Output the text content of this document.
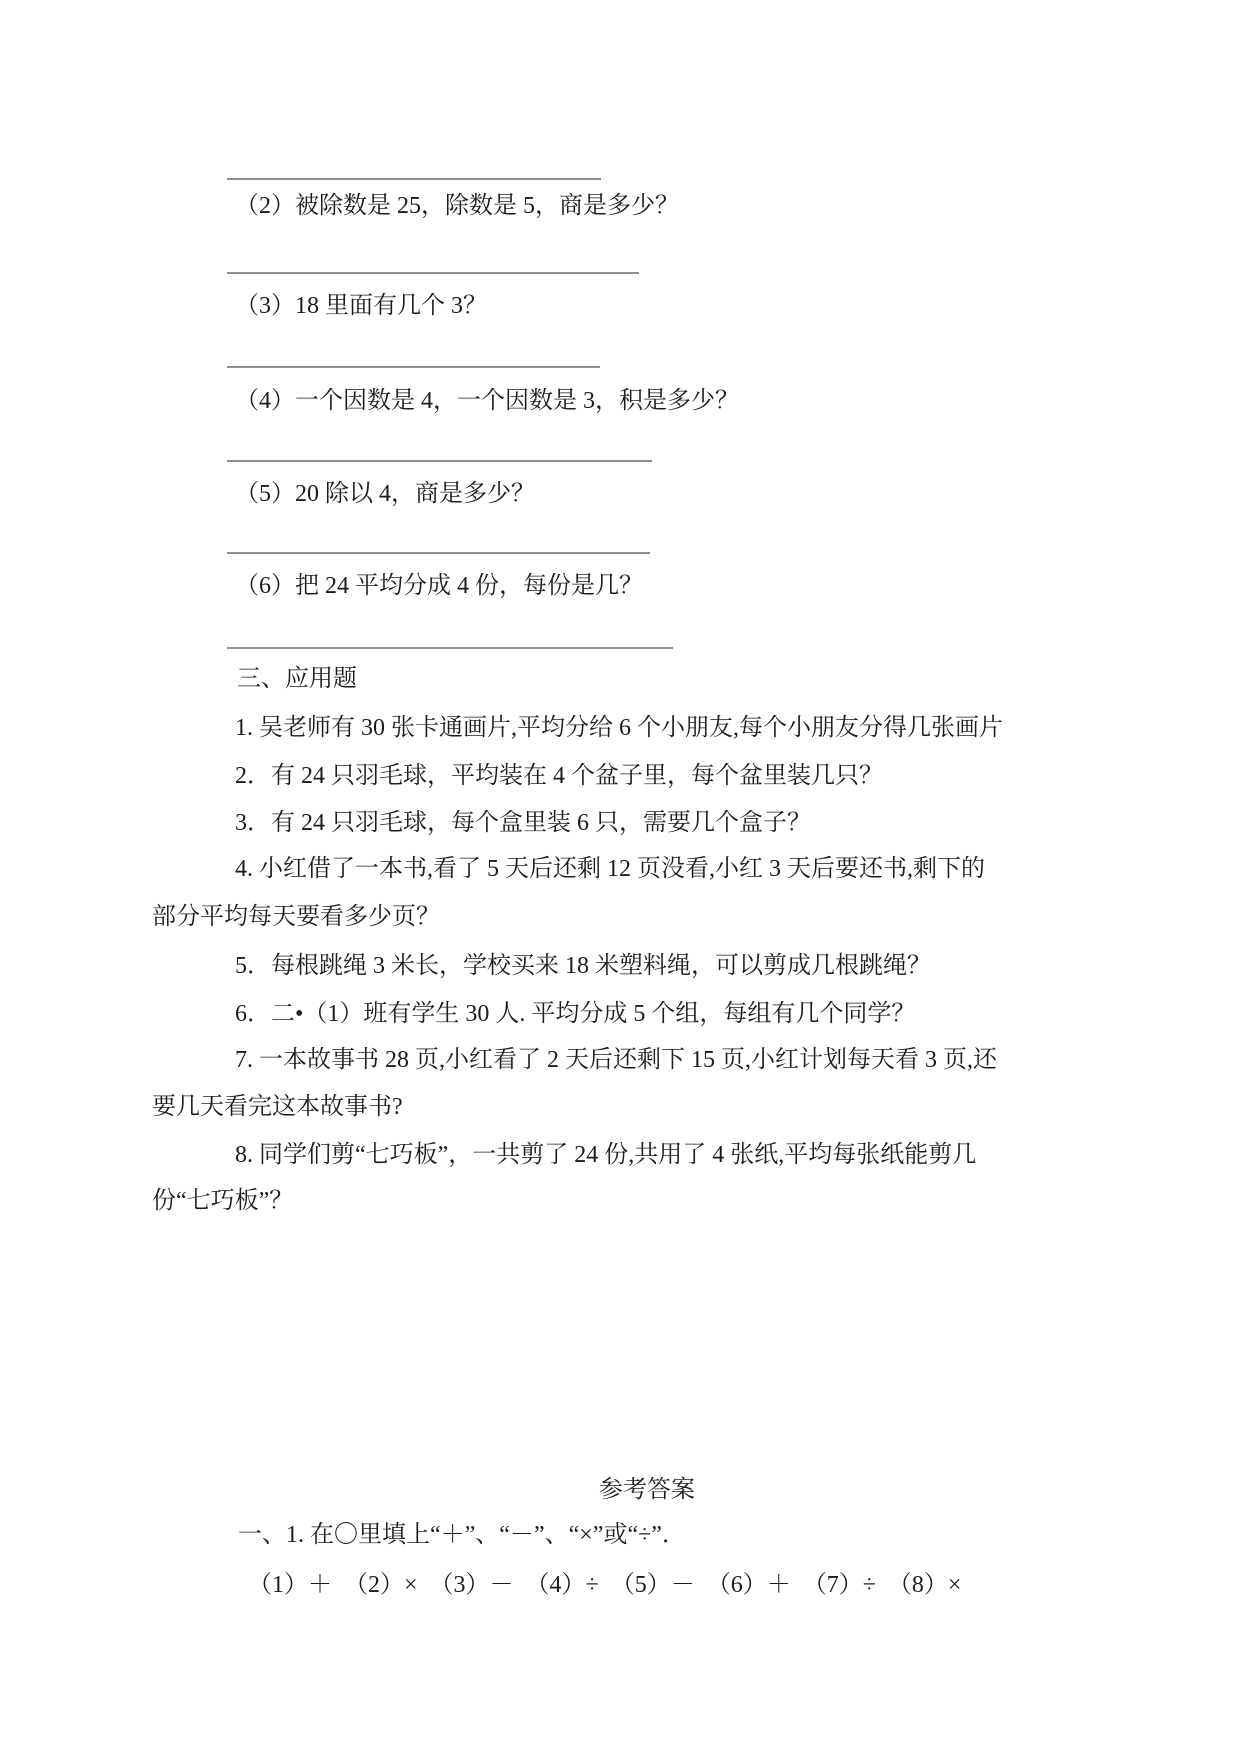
（2）被除数是 25，除数是 5，商是多少？
（3）18 里面有几个 3？
（4）一个因数是 4，一个因数是 3，积是多少？
（5）20 除以 4，商是多少？
（6）把 24 平均分成 4 份，每份是几？
三、应用题
1. 吴老师有 30 张卡通画片,平均分给 6 个小朋友,每个小朋友分得几张画片
2．有 24 只羽毛球，平均装在 4 个盆子里，每个盆里装几只？
3．有 24 只羽毛球，每个盒里装 6 只，需要几个盒子？
4. 小红借了一本书,看了 5 天后还剩 12 页没看,小红 3 天后要还书,剩下的
部分平均每天要看多少页？
5．每根跳绳 3 米长，学校买来 18 米塑料绳，可以剪成几根跳绳？
6．二•（1）班有学生 30 人. 平均分成 5 个组，每组有几个同学？
7. 一本故事书 28 页,小红看了 2 天后还剩下 15 页,小红计划每天看 3 页,还
要几天看完这本故事书?
8. 同学们剪“七巧板”，一共剪了 24 份,共用了 4 张纸,平均每张纸能剪几
份“七巧板”？
参考答案
一、1. 在〇里填上“＋”、“－”、“×”或“÷”．
（1）＋　（2）×　（3）－　（4）÷　（5）－　（6）＋　（7）÷　（8）×
